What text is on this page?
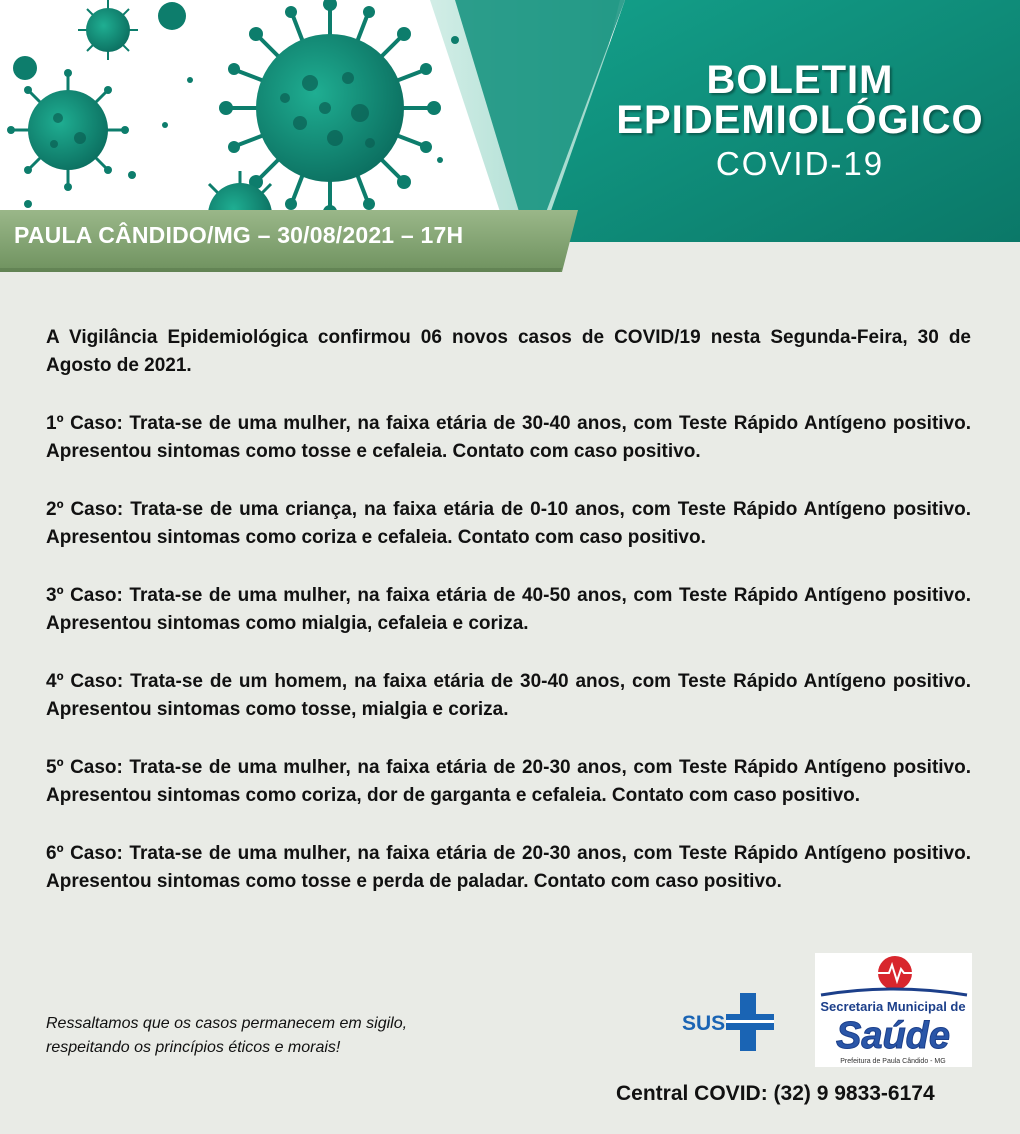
BOLETIM
EPIDEMIOLÓGICO
COVID-19
PAULA CÂNDIDO/MG – 30/08/2021 – 17H

A Vigilância Epidemiológica confirmou 06 novos casos de COVID/19 nesta Segunda-Feira, 30 de Agosto de 2021.

1º Caso: Trata-se de uma mulher, na faixa etária de 30-40 anos, com Teste Rápido Antígeno positivo. Apresentou sintomas como tosse e cefaleia. Contato com caso positivo.

2º Caso: Trata-se de uma criança, na faixa etária de 0-10 anos, com Teste Rápido Antígeno positivo. Apresentou sintomas como coriza e cefaleia. Contato com caso positivo.

3º Caso: Trata-se de uma mulher, na faixa etária de 40-50 anos, com Teste Rápido Antígeno positivo. Apresentou sintomas como mialgia, cefaleia e coriza.

4º Caso: Trata-se de um homem, na faixa etária de 30-40 anos, com Teste Rápido Antígeno positivo. Apresentou sintomas como tosse, mialgia e coriza.

5º Caso: Trata-se de uma mulher, na faixa etária de 20-30 anos, com Teste Rápido Antígeno positivo. Apresentou sintomas como coriza, dor de garganta e cefaleia. Contato com caso positivo.

6º Caso: Trata-se de uma mulher, na faixa etária de 20-30 anos, com Teste Rápido Antígeno positivo. Apresentou sintomas como tosse e perda de paladar. Contato com caso positivo.

Ressaltamos que os casos permanecem em sigilo,
respeitando os princípios éticos e morais!
SUS
Secretaria Municipal de
Saúde
Prefeitura de Paula Cândido - MG
Central COVID: (32) 9 9833-6174
